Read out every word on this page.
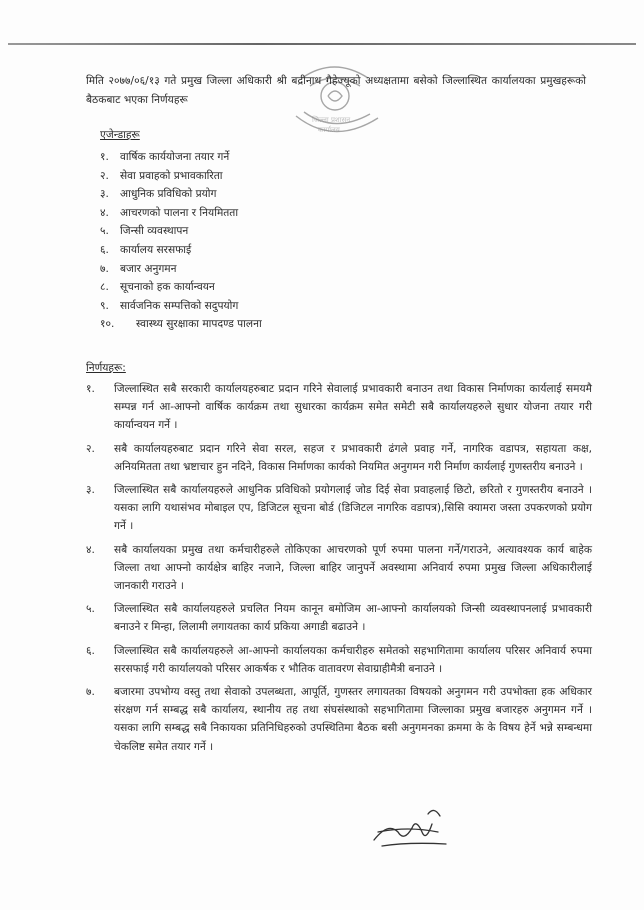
जिल्ला प्रशासन
कार्यालय
मिति २०७७/०६/१३ गते प्रमुख जिल्ला अधिकारी श्री बद्रीनाथ गैहेज्यूको अध्यक्षतामा बसेको जिल्लास्थित कार्यालयका प्रमुखहरूको बैठकबाट भएका निर्णयहरू
एजेन्डाहरू
१. वार्षिक कार्ययोजना तयार गर्ने
२. सेवा प्रवाहको प्रभावकारिता
३. आधुनिक प्रविधिको प्रयोग
४. आचरणको पालना र नियमितता
५. जिन्सी व्यवस्थापन
६. कार्यालय सरसफाई
७. बजार अनुगमन
८. सूचनाको हक कार्यान्वयन
९. सार्वजनिक सम्पत्तिको सदुपयोग
१०. स्वास्थ्य सुरक्षाका मापदण्ड पालना
निर्णयहरू:
१.	जिल्लास्थित सबै सरकारी कार्यालयहरुबाट प्रदान गरिने सेवालाई प्रभावकारी बनाउन तथा विकास निर्माणका कार्यलाई समयमै सम्पन्न गर्न आ-आफ्नो वार्षिक कार्यक्रम तथा सुधारका कार्यक्रम समेत समेटी सबै कार्यालयहरुले सुधार योजना तयार गरी कार्यान्वयन गर्ने ।
२.	सबै कार्यालयहरुबाट प्रदान गरिने सेवा सरल, सहज र प्रभावकारी ढंगले प्रवाह गर्ने, नागरिक वडापत्र, सहायता कक्ष, अनियमितता तथा भ्रष्टाचार हुन नदिने, विकास निर्माणका कार्यको नियमित अनुगमन गरी निर्माण कार्यलाई गुणस्तरीय बनाउने ।
३.	जिल्लास्थित सबै कार्यालयहरुले आधुनिक प्रविधिको प्रयोगलाई जोड दिई सेवा प्रवाहलाई छिटो, छरितो र गुणस्तरीय बनाउने । यसका लागि यथासंभव मोबाइल एप, डिजिटल सूचना बोर्ड (डिजिटल नागरिक वडापत्र),सिसि क्यामरा जस्ता उपकरणको प्रयोग गर्ने ।
४.	सबै कार्यालयका प्रमुख तथा कर्मचारीहरुले तोकिएका आचरणको पूर्ण रुपमा पालना गर्ने/गराउने, अत्यावश्यक कार्य बाहेक जिल्ला तथा आफ्नो कार्यक्षेत्र बाहिर नजाने, जिल्ला बाहिर जानुपर्ने अवस्थामा अनिवार्य रुपमा प्रमुख जिल्ला अधिकारीलाई जानकारी गराउने ।
५.	जिल्लास्थित सबै कार्यालयहरुले प्रचलित नियम कानून बमोजिम आ-आफ्नो कार्यालयको जिन्सी व्यवस्थापनलाई प्रभावकारी बनाउने र मिन्हा, लिलामी लगायतका कार्य प्रकिया अगाडी बढाउने ।
६.	जिल्लास्थित सबै कार्यालयहरुले आ-आफ्नो कार्यालयका कर्मचारीहरु समेतको सहभागितामा कार्यालय परिसर अनिवार्य रुपमा सरसफाई गरी कार्यालयको परिसर आकर्षक र भौतिक वातावरण सेवाग्राहीमैत्री बनाउने ।
७.	बजारमा उपभोग्य वस्तु तथा सेवाको उपलब्धता, आपूर्ति, गुणस्तर लगायतका विषयको अनुगमन गरी उपभोक्ता हक अधिकार संरक्षण गर्न सम्बद्ध सबै कार्यालय, स्थानीय तह तथा संघसंस्थाको सहभागितामा जिल्लाका प्रमुख बजारहरु अनुगमन गर्ने । यसका लागि सम्बद्ध सबै निकायका प्रतिनिधिहरुको उपस्थितिमा बैठक बसी अनुगमनका क्रममा के के विषय हेर्ने भन्ने सम्बन्धमा चेकलिष्ट समेत तयार गर्ने ।
